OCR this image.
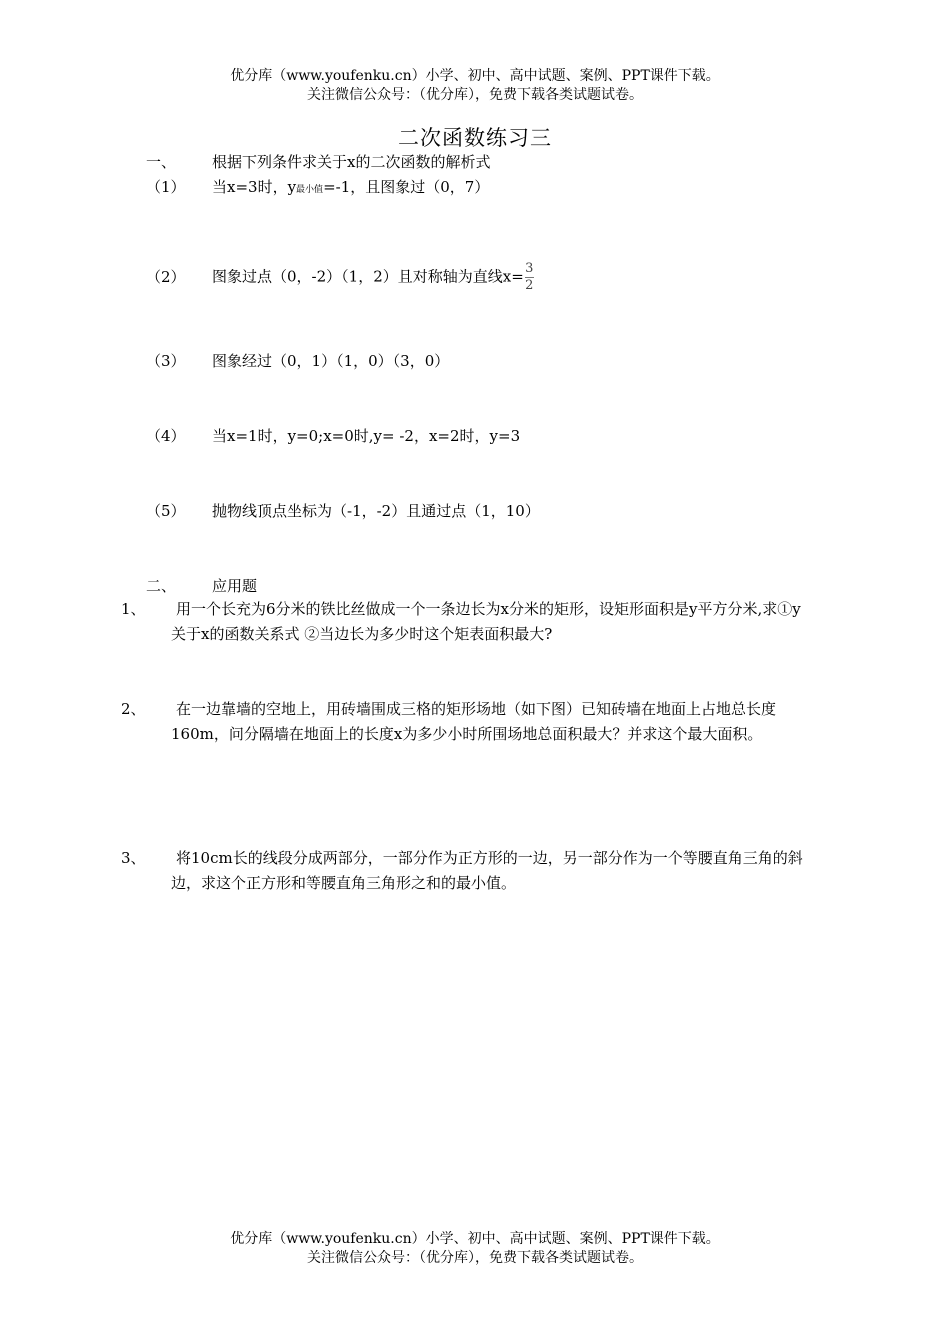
优分库（www.youfenku.cn）小学、初中、高中试题、案例、PPT课件下载。
关注微信公众号：（优分库），免费下载各类试题试卷。
二次函数练习三
一、 根据下列条件求关于x的二次函数的解析式
（1） 当x=3时，y最小值=-1，且图象过（0，7）
（2） 图象过点（0，-2）（1，2）且对称轴为直线$x= \frac{3}{2}$
（3） 图象经过（0，1）（1，0）（3，0）
（4） 当x=1时，y=0;x=0时,y= -2，x=2时，y=3
（5） 抛物线顶点坐标为（-1，-2）且通过点（1，10）
二、 应用题
1、 用一个长充为6分米的铁比丝做成一个一条边长为x分米的矩形，设矩形面积是y平方分米,求①y关于x的函数关系式 ②当边长为多少时这个矩表面积最大?
2、 在一边靠墙的空地上，用砖墙围成三格的矩形场地（如下图）已知砖墙在地面上占地总长度160m，问分隔墙在地面上的长度x为多少小时所围场地总面积最大？并求这个最大面积。
3、 将10cm长的线段分成两部分，一部分作为正方形的一边，另一部分作为一个等腰直角三角的斜边，求这个正方形和等腰直角三角形之和的最小值。
优分库（www.youfenku.cn）小学、初中、高中试题、案例、PPT课件下载。
关注微信公众号：（优分库），免费下载各类试题试卷。
